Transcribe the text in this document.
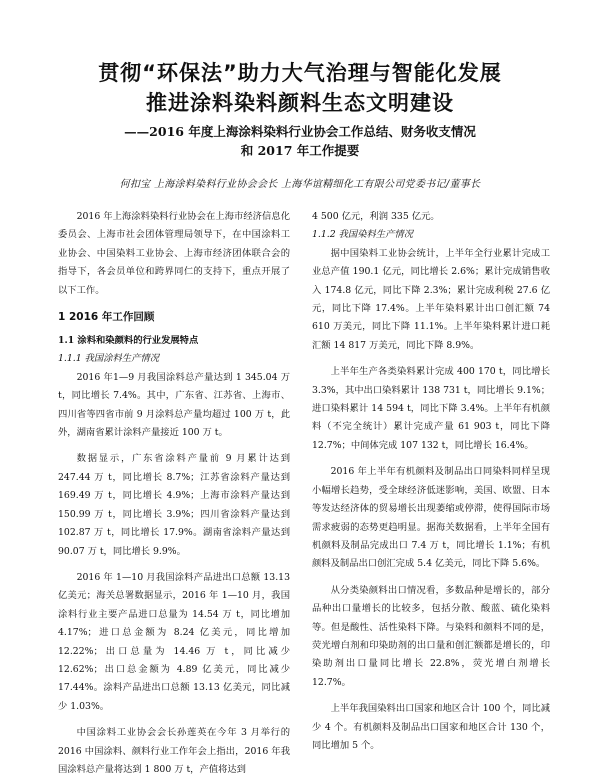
贯彻“环保法”助力大气治理与智能化发展
推进涂料染料颜料生态文明建设
——2016 年度上海涂料染料行业协会工作总结、财务收支情况
和 2017 年工作提要

何扣宝 上海涂料染料行业协会会长 上海华谊精细化工有限公司党委书记/董事长

2016 年上海涂料染料行业协会在上海市经济信息化委员会、上海市社会团体管理局领导下，在中国涂料工业协会、中国染料工业协会、上海市经济团体联合会的指导下，各会员单位和跨界同仁的支持下，重点开展了以下工作。

1 2016 年工作回顾

1.1 涂料和染颜料的行业发展特点

1.1.1 我国涂料生产情况

2016 年1—9 月我国涂料总产量达到 1 345.04 万 t，同比增长 7.4%。其中，广东省、江苏省、上海市、四川省等四省市前 9 月涂料总产量均超过 100 万 t，此外，湖南省累计涂料产量接近 100 万 t。

数据显示，广东省涂料产量前 9 月累计达到 247.44 万 t，同比增长 8.7%；江苏省涂料产量达到 169.49 万 t，同比增长 4.9%；上海市涂料产量达到 150.99 万 t，同比增长 3.9%；四川省涂料产量达到 102.87 万 t，同比增长 17.9%。湖南省涂料产量达到 90.07 万 t，同比增长 9.9%。

2016 年 1—10 月我国涂料产品进出口总额 13.13 亿美元；海关总署数据显示，2016 年 1—10 月，我国涂料行业主要产品进口总量为 14.54 万 t，同比增加 4.17%；进口总金额为 8.24 亿美元，同比增加 12.22%；出口总量为 14.46 万 t，同比减少 12.62%；出口总金额为 4.89 亿美元，同比减少 17.44%。涂料产品进出口总额 13.13 亿美元，同比减少 1.03%。

中国涂料工业协会会长孙莲英在今年 3 月举行的 2016 中国涂料、颜料行业工作年会上指出，2016 年我国涂料总产量将达到 1 800 万 t，产值将达到

4 500 亿元，利润 335 亿元。

1.1.2 我国染料生产情况

据中国染料工业协会统计，上半年全行业累计完成工业总产值 190.1 亿元，同比增长 2.6%；累计完成销售收入 174.8 亿元，同比下降 2.3%；累计完成利税 27.6 亿元，同比下降 17.4%。上半年染料累计出口创汇额 74 610 万美元，同比下降 11.1%。上半年染料累计进口耗汇额 14 817 万美元，同比下降 8.9%。

上半年生产各类染料累计完成 400 170 t，同比增长 3.3%，其中出口染料累计 138 731 t，同比增长 9.1%；进口染料累计 14 594 t，同比下降 3.4%。上半年有机颜料（不完全统计）累计完成产量 61 903 t，同比下降 12.7%；中间体完成 107 132 t，同比增长 16.4%。

2016 年上半年有机颜料及制品出口同染料同样呈现小幅增长趋势，受全球经济低迷影响，美国、欧盟、日本等发达经济体的贸易增长出现萎缩或停滞，使得国际市场需求疲弱的态势更趋明显。据海关数据看，上半年全国有机颜料及制品完成出口 7.4 万 t，同比增长 1.1%；有机颜料及制品出口创汇完成 5.4 亿美元，同比下降 5.6%。

从分类染颜料出口情况看，多数品种是增长的，部分品种出口量增长的比较多，包括分散、酸蓝、硫化染料等。但是酸性、活性染料下降。与染料和颜料不同的是，荧光增白剂和印染助剂的出口量和创汇额都是增长的，印染助剂出口量同比增长 22.8%，荧光增白剂增长 12.7%。

上半年我国染料出口国家和地区合计 100 个，同比减少 4 个。有机颜料及制品出口国家和地区合计 130 个，同比增加 5 个。
